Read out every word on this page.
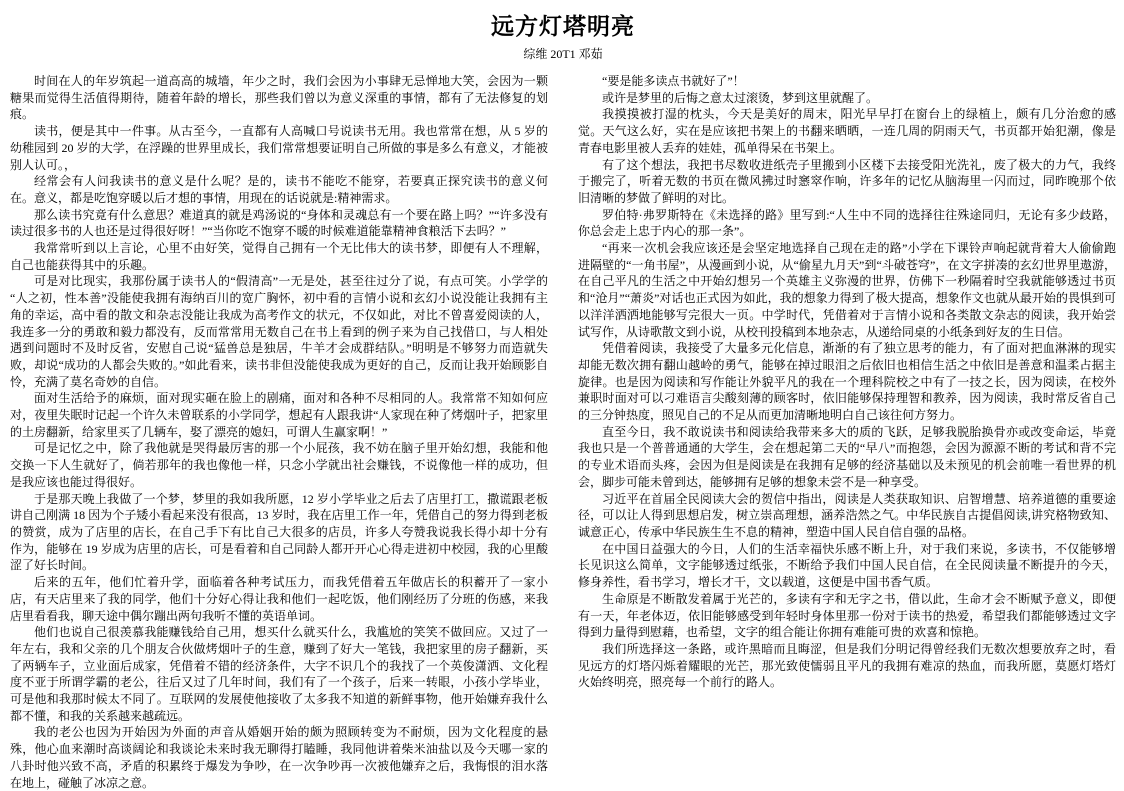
远方灯塔明亮
综维 20T1 邓茹

时间在人的年岁筑起一道高高的城墙，年少之时，我们会因为小事肆无忌惮地大笑，会因为一颗糖果而觉得生活值得期待，随着年龄的增长，那些我们曾以为意义深重的事情，都有了无法修复的划痕。

读书，便是其中一件事。从古至今，一直都有人高喊口号说读书无用。我也常常在想，从 5 岁的幼稚园到 20 岁的大学，在浮躁的世界里成长，我们常常想要证明自己所做的事是多么有意义，才能被别人认可。，

经常会有人问我读书的意义是什么呢？是的，读书不能吃不能穿，若要真正探究读书的意义何在。意义，都是吃饱穿暖以后才想的事情，用现在的话说就是:精神需求。

那么读书究竟有什么意思？难道真的就是鸡汤说的“身体和灵魂总有一个要在路上吗？”“许多没有读过很多书的人也还是过得很好呀！”“当你吃不饱穿不暖的时候难道能靠精神食粮活下去吗？”

我常常听到以上言论，心里不由好笑，觉得自己拥有一个无比伟大的读书梦，即便有人不理解，自己也能获得其中的乐趣。

可是对比现实，我那份属于读书人的“假清高”一无是处，甚至往过分了说，有点可笑。小学学的“人之初，性本善”没能使我拥有海纳百川的宽广胸怀，初中看的言情小说和玄幻小说没能让我拥有主角的幸运，高中看的散文和杂志没能让我成为高考作文的状元，不仅如此，对比不曾喜爱阅读的人，我连多一分的勇敢和毅力都没有，反而常常用无数自己在书上看到的例子来为自己找借口，与人相处遇到问题时不及时反省，安慰自己说“猛兽总是独居，牛羊才会成群结队。”明明是不够努力而造就失败，却说“成功的人都会失败的。”如此看来，读书非但没能使我成为更好的自己，反而让我开始顾影自怜，充满了莫名奇妙的自信。

面对生活给予的麻烦，面对现实砸在脸上的剧痛，面对和各种不尽相同的人。我常常不知如何应对，夜里失眠时记起一个许久未曾联系的小学同学，想起有人跟我讲“人家现在种了烤烟叶子，把家里的土房翻新，给家里买了几辆车，娶了漂亮的媳妇，可谓人生赢家啊！”

可是记忆之中，除了我他就是哭得最厉害的那一个小屁孩，我不妨在脑子里开始幻想，我能和他交换一下人生就好了，倘若那年的我也像他一样，只念小学就出社会赚钱，不说像他一样的成功，但是我应该也能过得很好。

于是那天晚上我做了一个梦，梦里的我如我所愿，12 岁小学毕业之后去了店里打工，撒谎跟老板讲自己刚满 18 因为个子矮小看起来没有很高，13 岁时，我在店里工作一年，凭借自己的努力得到老板的赞赏，成为了店里的店长，在自己手下有比自己大很多的店员，许多人夸赞我说我长得小却十分有作为，能够在 19 岁成为店里的店长，可是看着和自己同龄人都开开心心得走进初中校园，我的心里酸涩了好长时间。

后来的五年，他们忙着升学，面临着各种考试压力，而我凭借着五年做店长的积蓄开了一家小店，有天店里来了我的同学，他们十分好心得让我和他们一起吃饭，他们刚经历了分班的伤感，来我店里看看我，聊天途中偶尔蹦出两句我听不懂的英语单词。

他们也说自己很羡慕我能赚钱给自己用，想买什么就买什么，我尴尬的笑笑不做回应。又过了一年左右，我和父亲的几个朋友合伙做烤烟叶子的生意，赚到了好大一笔钱，我把家里的房子翻新，买了两辆车子，立业面后成家，凭借着不错的经济条件，大字不识几个的我找了一个英俊潇洒、文化程度不亚于所谓学霸的老公，往后又过了几年时间，我们有了一个孩子，后来一转眼，小孩小学毕业，可是他和我那时候太不同了。互联网的发展使他接收了太多我不知道的新鲜事物，他开始嫌弃我什么都不懂，和我的关系越来越疏远。

我的老公也因为开始因为外面的声音从婚姻开始的颇为照顾转变为不耐烦，因为文化程度的悬殊，他心血来潮时高谈阔论和我谈论未来时我无聊得打瞌睡，我同他讲着柴米油盐以及今天哪一家的八卦时他兴致不高，矛盾的积累终于爆发为争吵，在一次争吵再一次被他嫌弃之后，我悔恨的泪水落在地上，碰触了冰凉之意。

“要是能多读点书就好了”！

或许是梦里的后悔之意太过滚烫，梦到这里就醒了。

我摸摸被打湿的枕头，今天是美好的周末，阳光早早打在窗台上的绿植上，颇有几分治愈的感觉。天气这么好，实在是应该把书架上的书翻来晒晒，一连几周的阴雨天气，书页都开始犯潮，像是青春电影里被人丢弃的娃娃，孤单得呆在书架上。

有了这个想法，我把书尽数收进纸壳子里搬到小区楼下去接受阳光洗礼，废了极大的力气，我终于搬完了，听着无数的书页在微风拂过时窸窣作响，许多年的记忆从脑海里一闪而过，同昨晚那个依旧清晰的梦做了鲜明的对比。

罗伯特·弗罗斯特在《未选择的路》里写到:“人生中不同的选择往往殊途同归，无论有多少歧路，你总会走上忠于内心的那一条”。

“再来一次机会我应该还是会坚定地选择自己现在走的路”小学在下课铃声响起就背着大人偷偷跑进隔壁的“一角书屋”，从漫画到小说，从“偷星九月天”到“斗破苍穹”，在文字拼凑的玄幻世界里遨游，在自己平凡的生活之中开始幻想另一个英雄主义弥漫的世界，仿佛下一秒隔着时空我就能够透过书页和“沧月”“萧炎”对话也正式因为如此，我的想象力得到了极大提高，想象作文也就从最开始的畏惧到可以洋洋洒洒地能够写完很大一页。中学时代，凭借着对于言情小说和各类散文杂志的阅读，我开始尝试写作，从诗歌散文到小说，从校刊投稿到本地杂志，从递给同桌的小纸条到好友的生日信。

凭借着阅读，我接受了大量多元化信息，渐渐的有了独立思考的能力，有了面对把血淋淋的现实却能无数次拥有翻山越岭的勇气，能够在掉过眼泪之后依旧也相信生活之中依旧是善意和温柔占据主旋律。也是因为阅读和写作能让外貌平凡的我在一个理科院校之中有了一技之长，因为阅读，在校外兼职时面对可以刁难语言尖酸刻薄的顾客时，依旧能够保持理智和教养，因为阅读，我时常反省自己的三分钟热度，照见自己的不足从而更加清晰地明白自己该往何方努力。

直至今日，我不敢说读书和阅读给我带来多大的质的飞跃，足够我脱胎换骨亦或改变命运，毕竟我也只是一个普普通通的大学生，会在想起第二天的“早八”而抱怨，会因为源源不断的考试和背不完的专业术语而头疼，会因为但是阅读是在我拥有足够的经济基础以及未预见的机会前唯一看世界的机会，脚步可能未曾到达，能够拥有足够的想象未尝不是一种享受。

习近平在首届全民阅读大会的贺信中指出，阅读是人类获取知识、启智增慧、培养道德的重要途径，可以让人得到思想启发，树立崇高理想，涵养浩然之气。中华民族自古提倡阅读,讲究格物致知、诚意正心，传承中华民族生生不息的精神，塑造中国人民自信自强的品格。

在中国日益强大的今日，人们的生活幸福快乐感不断上升，对于我们来说，多读书，不仅能够增长见识这么简单，文字能够透过纸张，不断给予我们中国人民自信，在全民阅读量不断提升的今天，修身养性，看书学习，增长才干，文以载道，这便是中国书香气质。

生命原是不断散发着属于光芒的，多读有字和无字之书，借以此，生命才会不断赋予意义，即便有一天，年老体迈，依旧能够感受到年轻时身体里那一份对于读书的热爱，希望我们都能够透过文字得到力量得到慰藉，也希望，文字的组合能让你拥有难能可贵的欢喜和惊艳。

我们所选择这一条路，或许黑暗而且晦涩，但是我们分明记得曾经我们无数次想要放弃之时，看见远方的灯塔闪烁着耀眼的光芒，那光致使懦弱且平凡的我拥有难凉的热血，而我所愿，莫愿灯塔灯火始终明亮，照亮每一个前行的路人。
